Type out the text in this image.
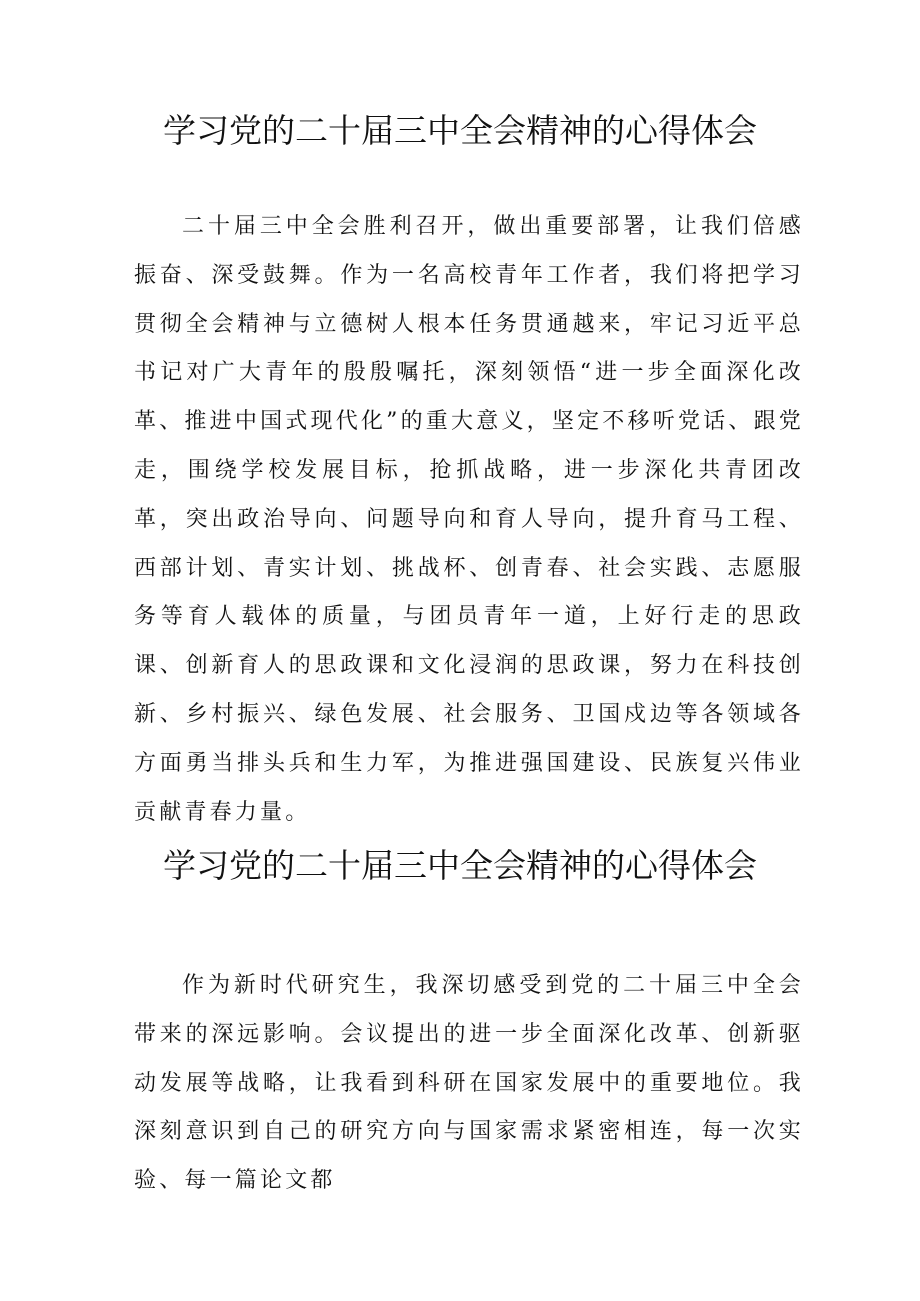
学习党的二十届三中全会精神的心得体会

二十届三中全会胜利召开，做出重要部署，让我们倍感振奋、深受鼓舞。作为一名高校青年工作者，我们将把学习贯彻全会精神与立德树人根本任务贯通越来，牢记习近平总书记对广大青年的殷殷嘱托，深刻领悟“进一步全面深化改革、推进中国式现代化”的重大意义，坚定不移听党话、跟党走，围绕学校发展目标，抢抓战略，进一步深化共青团改革，突出政治导向、问题导向和育人导向，提升育马工程、西部计划、青实计划、挑战杯、创青春、社会实践、志愿服务等育人载体的质量，与团员青年一道，上好行走的思政课、创新育人的思政课和文化浸润的思政课，努力在科技创新、乡村振兴、绿色发展、社会服务、卫国戍边等各领域各方面勇当排头兵和生力军，为推进强国建设、民族复兴伟业贡献青春力量。

学习党的二十届三中全会精神的心得体会

作为新时代研究生，我深切感受到党的二十届三中全会带来的深远影响。会议提出的进一步全面深化改革、创新驱动发展等战略，让我看到科研在国家发展中的重要地位。我深刻意识到自己的研究方向与国家需求紧密相连，每一次实验、每一篇论文都
